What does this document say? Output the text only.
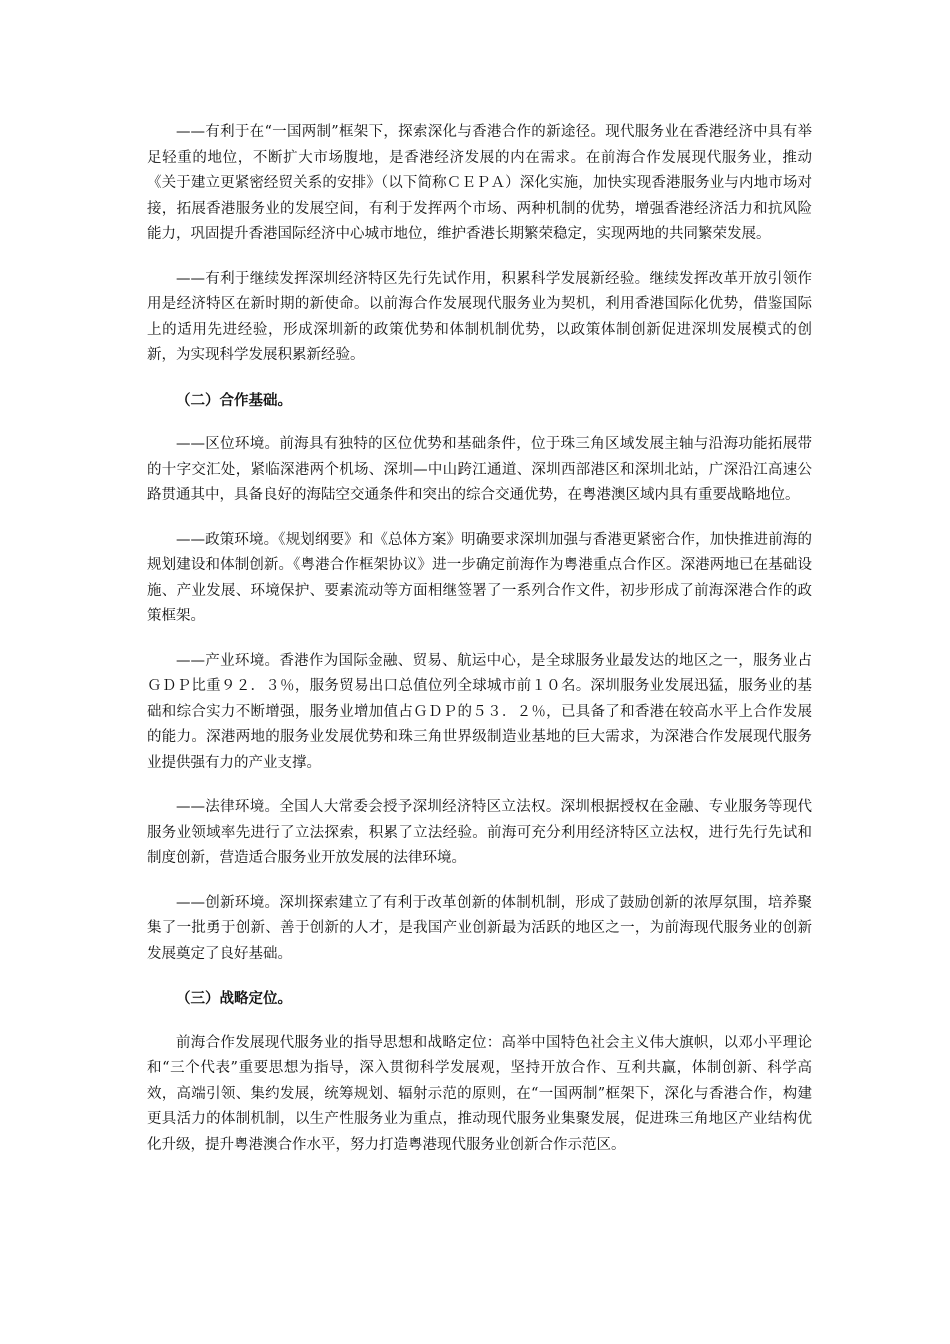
——有利于在“一国两制”框架下，探索深化与香港合作的新途径。现代服务业在香港经济中具有举足轻重的地位，不断扩大市场腹地，是香港经济发展的内在需求。在前海合作发展现代服务业，推动《关于建立更紧密经贸关系的安排》（以下简称ＣＥＰＡ）深化实施，加快实现香港服务业与内地市场对接，拓展香港服务业的发展空间，有利于发挥两个市场、两种机制的优势，增强香港经济活力和抗风险能力，巩固提升香港国际经济中心城市地位，维护香港长期繁荣稳定，实现两地的共同繁荣发展。

——有利于继续发挥深圳经济特区先行先试作用，积累科学发展新经验。继续发挥改革开放引领作用是经济特区在新时期的新使命。以前海合作发展现代服务业为契机，利用香港国际化优势，借鉴国际上的适用先进经验，形成深圳新的政策优势和体制机制优势，以政策体制创新促进深圳发展模式的创新，为实现科学发展积累新经验。

（二）合作基础。

——区位环境。前海具有独特的区位优势和基础条件，位于珠三角区域发展主轴与沿海功能拓展带的十字交汇处，紧临深港两个机场、深圳—中山跨江通道、深圳西部港区和深圳北站，广深沿江高速公路贯通其中，具备良好的海陆空交通条件和突出的综合交通优势，在粤港澳区域内具有重要战略地位。

——政策环境。《规划纲要》和《总体方案》明确要求深圳加强与香港更紧密合作，加快推进前海的规划建设和体制创新。《粤港合作框架协议》进一步确定前海作为粤港重点合作区。深港两地已在基础设施、产业发展、环境保护、要素流动等方面相继签署了一系列合作文件，初步形成了前海深港合作的政策框架。

——产业环境。香港作为国际金融、贸易、航运中心，是全球服务业最发达的地区之一，服务业占ＧＤＰ比重９２．３％，服务贸易出口总值位列全球城市前１０名。深圳服务业发展迅猛，服务业的基础和综合实力不断增强，服务业增加值占ＧＤＰ的５３．２％，已具备了和香港在较高水平上合作发展的能力。深港两地的服务业发展优势和珠三角世界级制造业基地的巨大需求，为深港合作发展现代服务业提供强有力的产业支撑。

——法律环境。全国人大常委会授予深圳经济特区立法权。深圳根据授权在金融、专业服务等现代服务业领域率先进行了立法探索，积累了立法经验。前海可充分利用经济特区立法权，进行先行先试和制度创新，营造适合服务业开放发展的法律环境。

——创新环境。深圳探索建立了有利于改革创新的体制机制，形成了鼓励创新的浓厚氛围，培养聚集了一批勇于创新、善于创新的人才，是我国产业创新最为活跃的地区之一，为前海现代服务业的创新发展奠定了良好基础。

（三）战略定位。

前海合作发展现代服务业的指导思想和战略定位：高举中国特色社会主义伟大旗帜，以邓小平理论和“三个代表”重要思想为指导，深入贯彻科学发展观，坚持开放合作、互利共赢，体制创新、科学高效，高端引领、集约发展，统筹规划、辐射示范的原则，在“一国两制”框架下，深化与香港合作，构建更具活力的体制机制，以生产性服务业为重点，推动现代服务业集聚发展，促进珠三角地区产业结构优化升级，提升粤港澳合作水平，努力打造粤港现代服务业创新合作示范区。
